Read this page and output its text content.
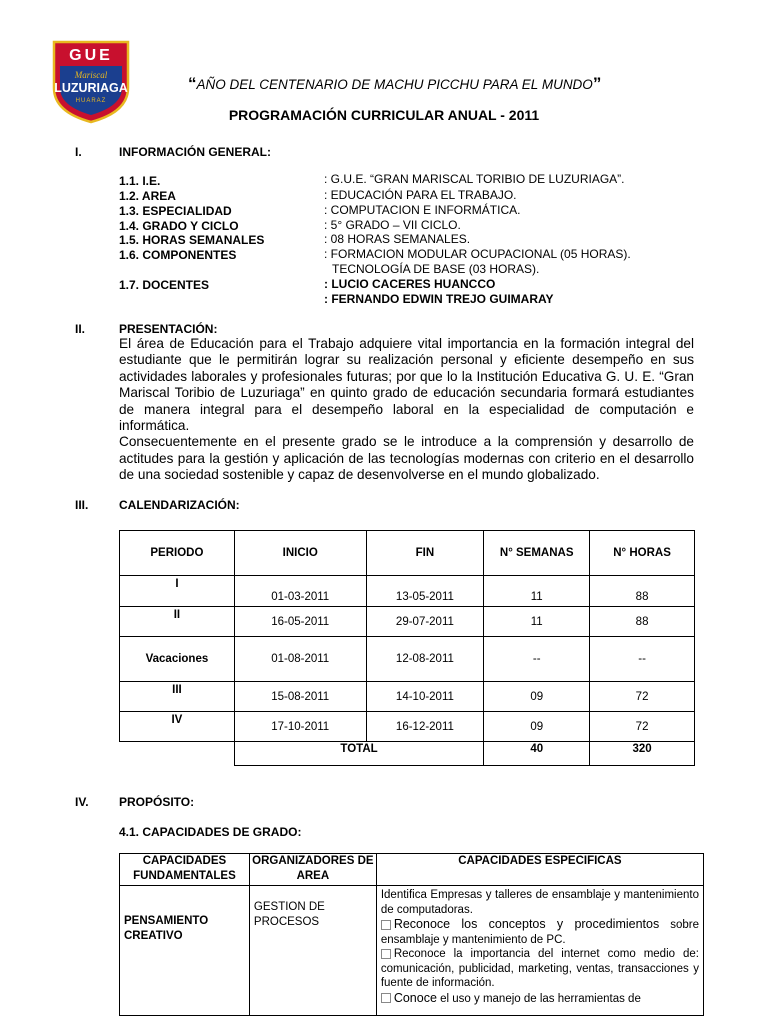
GUE
Mariscal
LUZURIAGA
HUARAZ
“AÑO DEL CENTENARIO DE MACHU PICCHU PARA EL MUNDO”
PROGRAMACIÓN CURRICULAR ANUAL - 2011
I.	INFORMACIÓN GENERAL:
1.1. I.E.	: G.U.E. “GRAN MARISCAL TORIBIO DE LUZURIAGA”.
1.2. AREA	: EDUCACIÓN PARA EL TRABAJO.
1.3. ESPECIALIDAD	: COMPUTACION E INFORMÁTICA.
1.4. GRADO Y CICLO	: 5° GRADO – VII CICLO.
1.5. HORAS SEMANALES	: 08 HORAS SEMANALES.
1.6. COMPONENTES	: FORMACION MODULAR OCUPACIONAL (05 HORAS).
TECNOLOGÍA DE BASE (03 HORAS).
1.7. DOCENTES	: LUCIO CACERES HUANCCO
: FERNANDO EDWIN TREJO GUIMARAY
II.	PRESENTACIÓN:

El área de Educación para el Trabajo adquiere vital importancia en la formación integral del estudiante que le permitirán lograr su realización personal y eficiente desempeño en sus actividades laborales y profesionales futuras; por que lo la Institución Educativa G. U. E. “Gran Mariscal Toribio de Luzuriaga” en quinto grado de educación secundaria formará estudiantes de manera integral para el desempeño laboral en la especialidad de computación e informática.

Consecuentemente en el presente grado se le introduce a la comprensión y desarrollo de actitudes para la gestión y aplicación de las tecnologías modernas con criterio en el desarrollo de una sociedad sostenible y capaz de desenvolverse en el mundo globalizado.

III.	CALENDARIZACIÓN:
PERIODO	INICIO	FIN	N° SEMANAS	N° HORAS
I	01-03-2011	13-05-2011	11	88
II	16-05-2011	29-07-2011	11	88
Vacaciones	01-08-2011	12-08-2011	--	--
III	15-08-2011	14-10-2011	09	72
IV	17-10-2011	16-12-2011	09	72
	TOTAL		40	320
IV.	PROPÓSITO:
4.1. CAPACIDADES DE GRADO:
CAPACIDADES FUNDAMENTALES	ORGANIZADORES DE AREA	CAPACIDADES ESPECIFICAS
PENSAMIENTO CREATIVO	GESTION DE PROCESOS	Identifica Empresas y talleres de ensamblaje y mantenimiento de computadoras.
Reconoce los conceptos y procedimientos sobre ensamblaje y mantenimiento de PC.
Reconoce la importancia del internet como medio de: comunicación, publicidad, marketing, ventas, transacciones y fuente de información.
Conoce el uso y manejo de las herramientas de
